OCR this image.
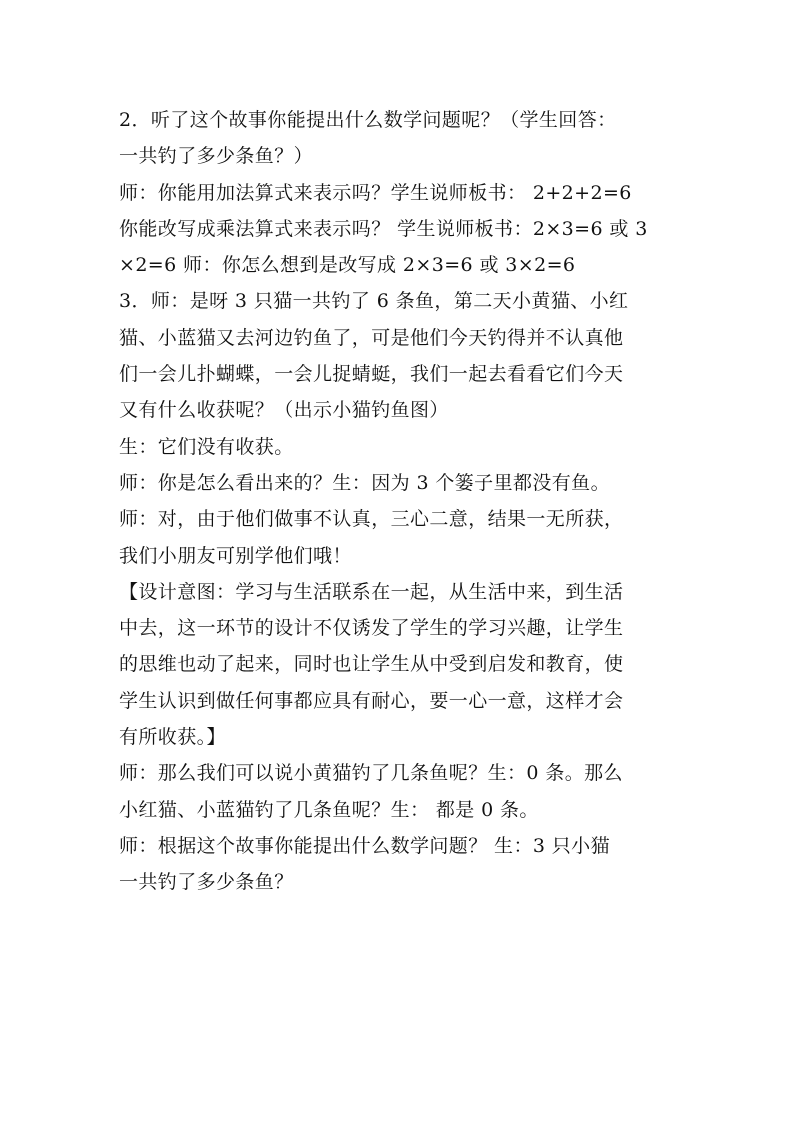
2．听了这个故事你能提出什么数学问题呢？（学生回答：
一共钓了多少条鱼？）
师：你能用加法算式来表示吗？学生说师板书： 2+2+2=6
你能改写成乘法算式来表示吗？ 学生说师板书：2×3=6 或 3
×2=6 师：你怎么想到是改写成 2×3=6 或 3×2=6
3．师：是呀 3 只猫一共钓了 6 条鱼，第二天小黄猫、小红
猫、小蓝猫又去河边钓鱼了，可是他们今天钓得并不认真他
们一会儿扑蝴蝶，一会儿捉蜻蜓，我们一起去看看它们今天
又有什么收获呢？（出示小猫钓鱼图）
生：它们没有收获。
师：你是怎么看出来的？生：因为 3 个篓子里都没有鱼。
师：对，由于他们做事不认真，三心二意，结果一无所获，
我们小朋友可别学他们哦！
【设计意图：学习与生活联系在一起，从生活中来，到生活
中去，这一环节的设计不仅诱发了学生的学习兴趣，让学生
的思维也动了起来，同时也让学生从中受到启发和教育，使
学生认识到做任何事都应具有耐心，要一心一意，这样才会
有所收获。】
师：那么我们可以说小黄猫钓了几条鱼呢？生：0 条。那么
小红猫、小蓝猫钓了几条鱼呢？生： 都是 0 条。
师：根据这个故事你能提出什么数学问题？ 生：3 只小猫
一共钓了多少条鱼？
